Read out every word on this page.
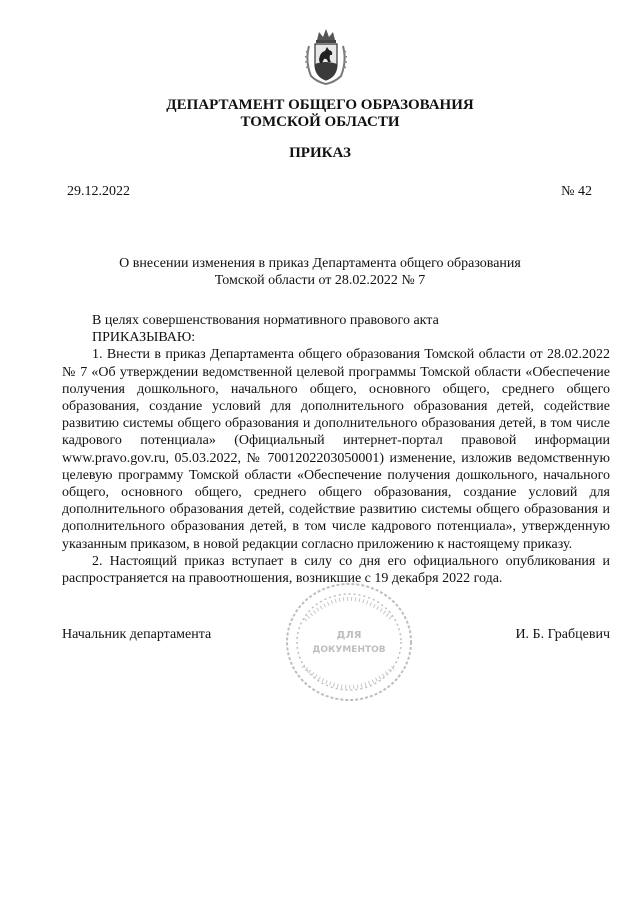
ДЕПАРТАМЕНТ ОБЩЕГО ОБРАЗОВАНИЯ
ТОМСКОЙ ОБЛАСТИ
ПРИКАЗ
29.12.2022	№ 42
О внесении изменения в приказ Департамента общего образования
Томской области от 28.02.2022 № 7

В целях совершенствования нормативного правового акта

ПРИКАЗЫВАЮ:

1. Внести в приказ Департамента общего образования Томской области от 28.02.2022 № 7 «Об утверждении ведомственной целевой программы Томской области «Обеспечение получения дошкольного, начального общего, основного общего, среднего общего образования, создание условий для дополнительного образования детей, содействие развитию системы общего образования и дополнительного образования детей, в том числе кадрового потенциала» (Официальный интернет-портал правовой информации www.pravo.gov.ru, 05.03.2022, № 7001202203050001) изменение, изложив ведомственную целевую программу Томской области «Обеспечение получения дошкольного, начального общего, основного общего, среднего общего образования, создание условий для дополнительного образования детей, содействие развитию системы общего образования и дополнительного образования детей, в том числе кадрового потенциала», утвержденную указанным приказом, в новой редакции согласно приложению к настоящему приказу.

2. Настоящий приказ вступает в силу со дня его официального опубликования и распространяется на правоотношения, возникшие с 19 декабря 2022 года.

ДЛЯ
ДОКУМЕНТОВ
Начальник департамента	И. Б. Грабцевич
